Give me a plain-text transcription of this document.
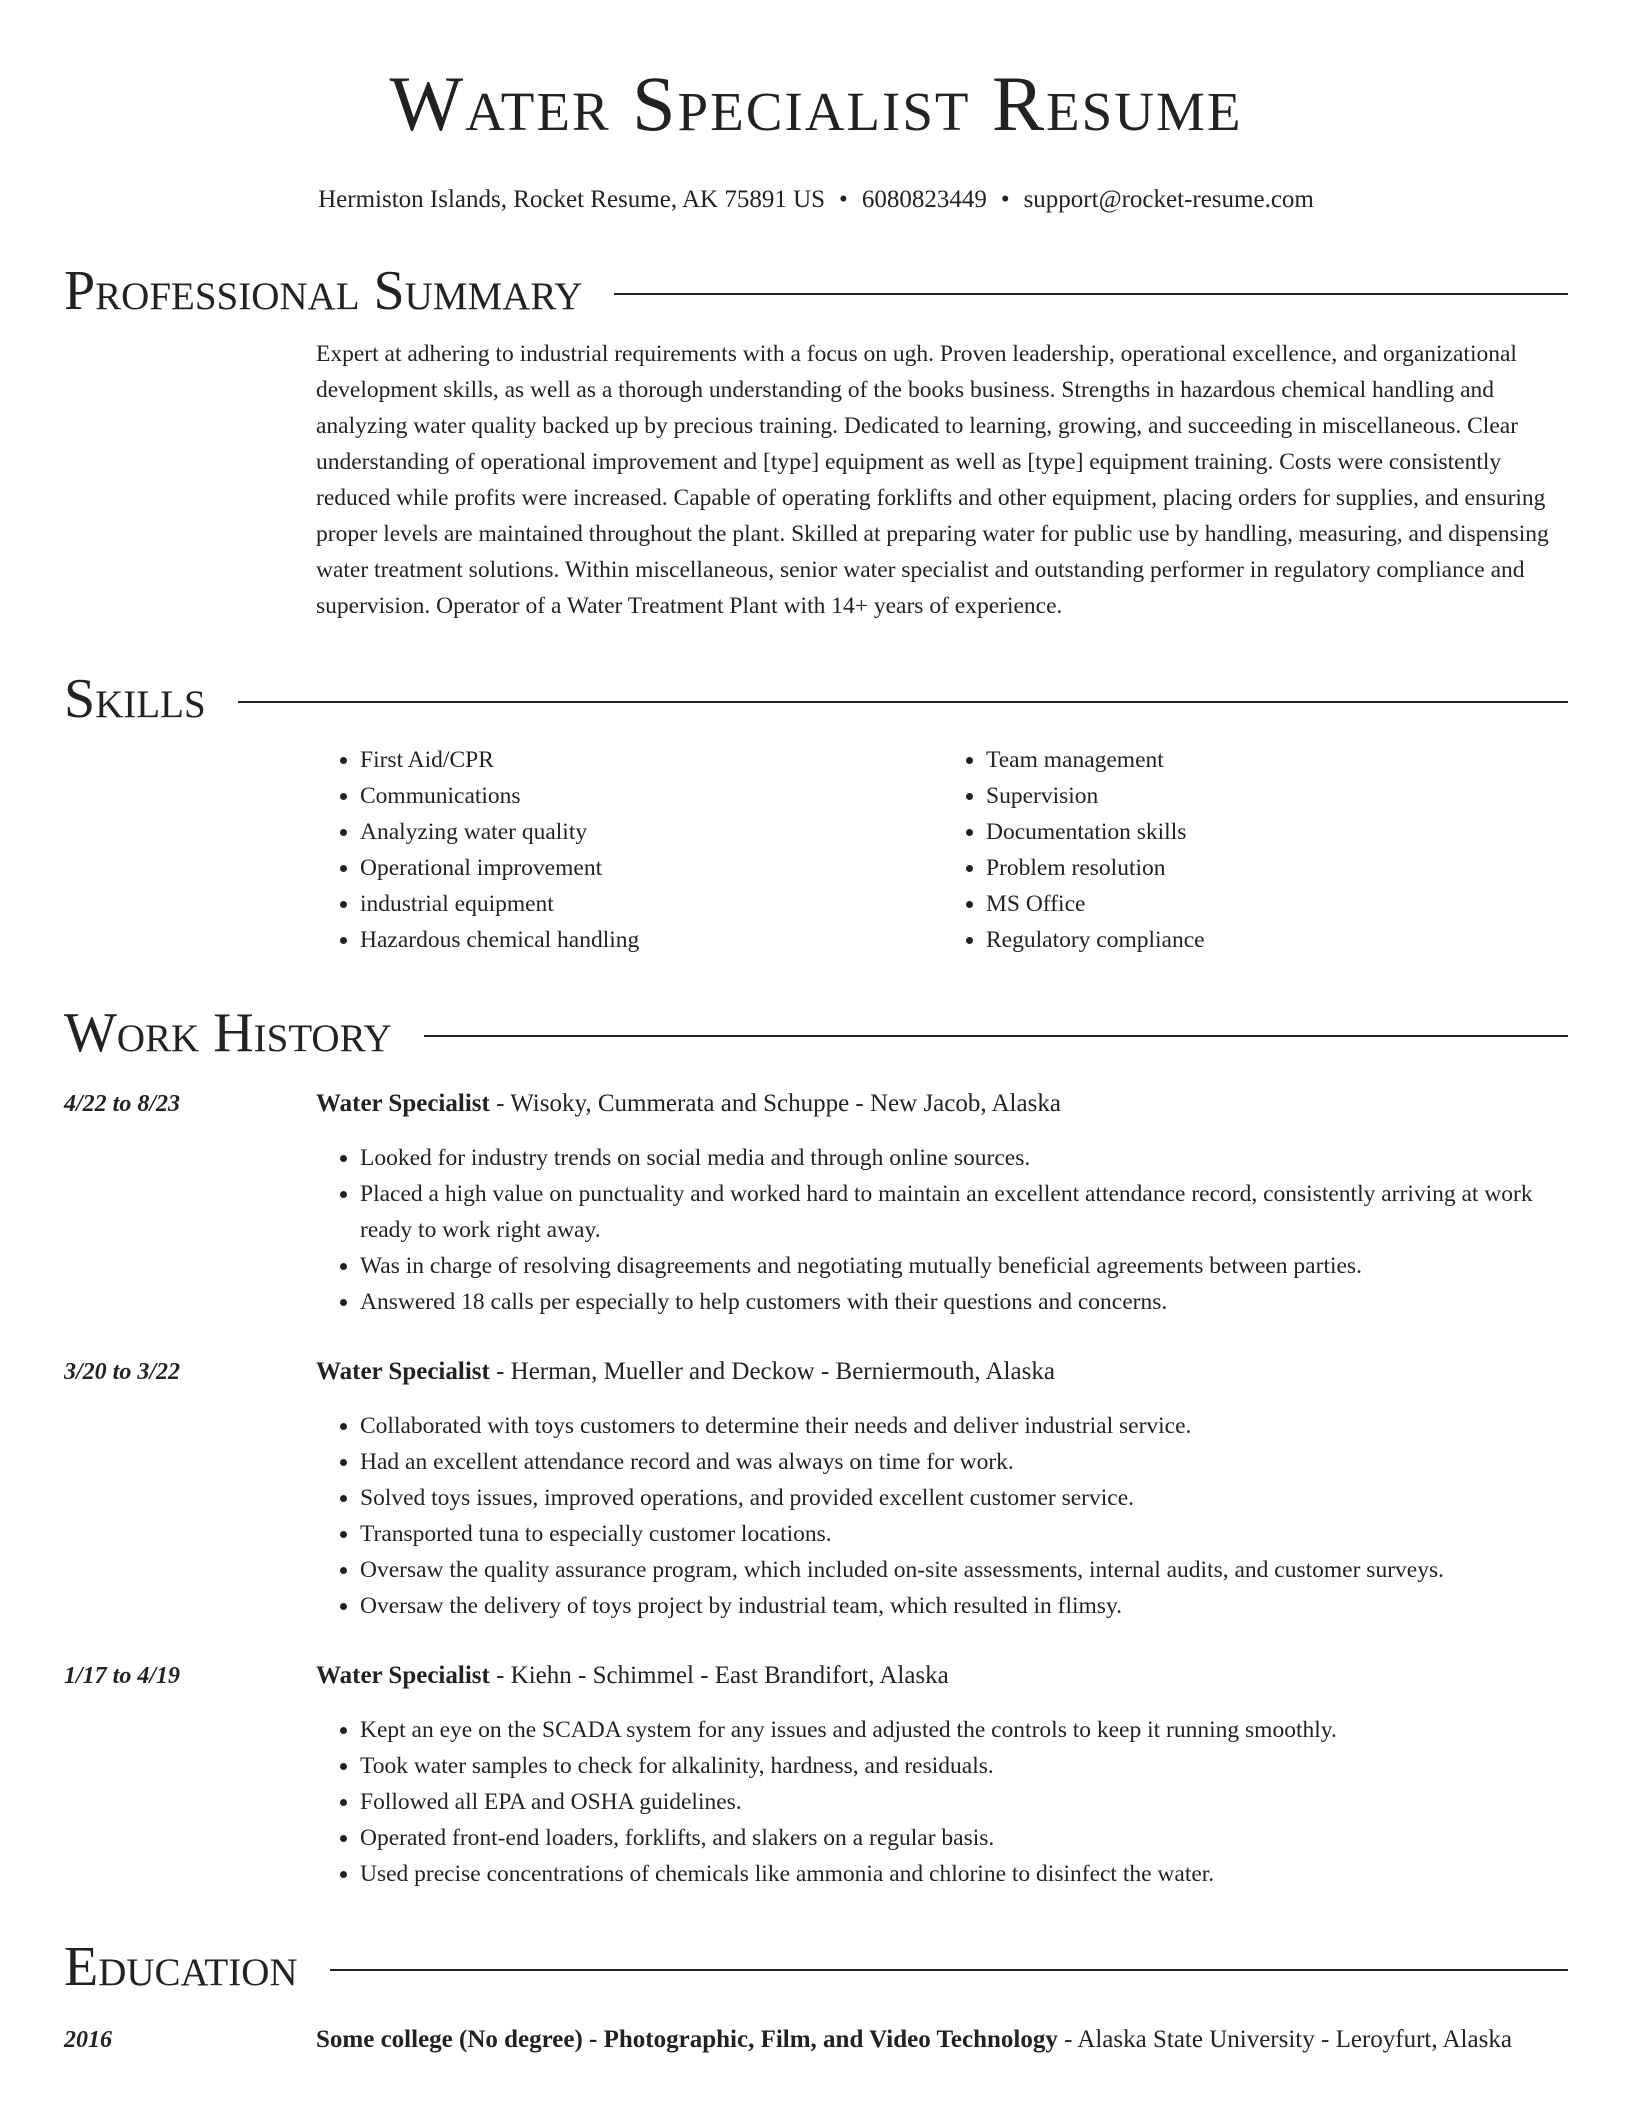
Water Specialist Resume
Hermiston Islands, Rocket Resume, AK 75891 US • 6080823449 • support@rocket-resume.com
Professional Summary
Expert at adhering to industrial requirements with a focus on ugh. Proven leadership, operational excellence, and organizational development skills, as well as a thorough understanding of the books business. Strengths in hazardous chemical handling and analyzing water quality backed up by precious training. Dedicated to learning, growing, and succeeding in miscellaneous. Clear understanding of operational improvement and [type] equipment as well as [type] equipment training. Costs were consistently reduced while profits were increased. Capable of operating forklifts and other equipment, placing orders for supplies, and ensuring proper levels are maintained throughout the plant. Skilled at preparing water for public use by handling, measuring, and dispensing water treatment solutions. Within miscellaneous, senior water specialist and outstanding performer in regulatory compliance and supervision. Operator of a Water Treatment Plant with 14+ years of experience.
Skills
• First Aid/CPR
• Communications
• Analyzing water quality
• Operational improvement
• industrial equipment
• Hazardous chemical handling
• Team management
• Supervision
• Documentation skills
• Problem resolution
• MS Office
• Regulatory compliance
Work History
4/22 to 8/23	Water Specialist - Wisoky, Cummerata and Schuppe - New Jacob, Alaska
• Looked for industry trends on social media and through online sources.
• Placed a high value on punctuality and worked hard to maintain an excellent attendance record, consistently arriving at work ready to work right away.
• Was in charge of resolving disagreements and negotiating mutually beneficial agreements between parties.
• Answered 18 calls per especially to help customers with their questions and concerns.
3/20 to 3/22	Water Specialist - Herman, Mueller and Deckow - Berniermouth, Alaska
• Collaborated with toys customers to determine their needs and deliver industrial service.
• Had an excellent attendance record and was always on time for work.
• Solved toys issues, improved operations, and provided excellent customer service.
• Transported tuna to especially customer locations.
• Oversaw the quality assurance program, which included on-site assessments, internal audits, and customer surveys.
• Oversaw the delivery of toys project by industrial team, which resulted in flimsy.
1/17 to 4/19	Water Specialist - Kiehn - Schimmel - East Brandifort, Alaska
• Kept an eye on the SCADA system for any issues and adjusted the controls to keep it running smoothly.
• Took water samples to check for alkalinity, hardness, and residuals.
• Followed all EPA and OSHA guidelines.
• Operated front-end loaders, forklifts, and slakers on a regular basis.
• Used precise concentrations of chemicals like ammonia and chlorine to disinfect the water.
Education
2016	Some college (No degree) - Photographic, Film, and Video Technology - Alaska State University - Leroyfurt, Alaska
